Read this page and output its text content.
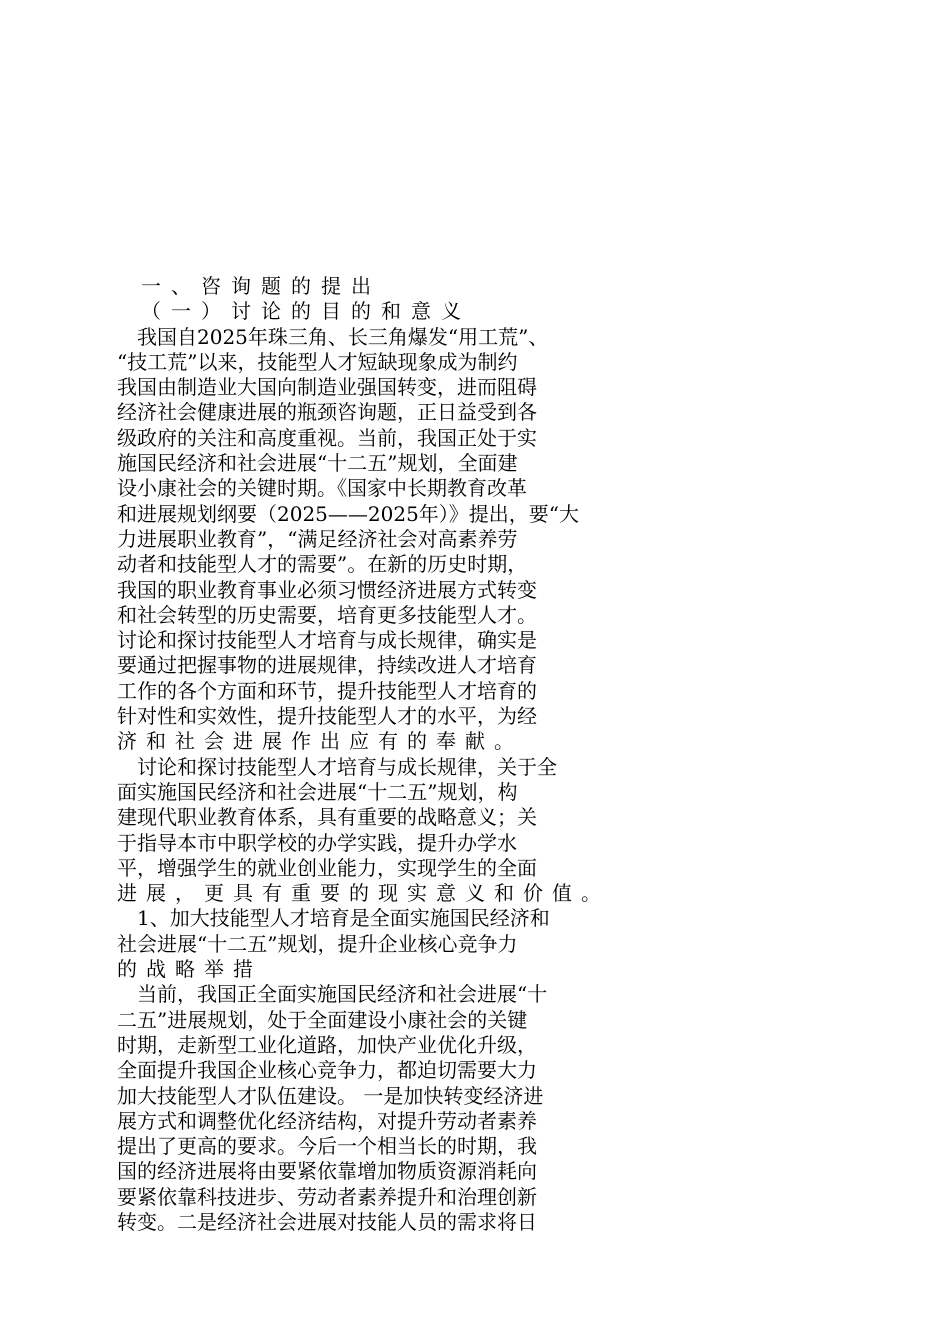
一、咨询题的提出
（一）讨论的目的和意义
我国自2025年珠三角、长三角爆发“用工荒”、
“技工荒”以来，技能型人才短缺现象成为制约
我国由制造业大国向制造业强国转变，进而阻碍
经济社会健康进展的瓶颈咨询题，正日益受到各
级政府的关注和高度重视。当前，我国正处于实
施国民经济和社会进展“十二五”规划，全面建
设小康社会的关键时期。《国家中长期教育改革
和进展规划纲要（2025——2025年）》提出，要“大
力进展职业教育”，“满足经济社会对高素养劳
动者和技能型人才的需要”。在新的历史时期，
我国的职业教育事业必须习惯经济进展方式转变
和社会转型的历史需要，培育更多技能型人才。
讨论和探讨技能型人才培育与成长规律，确实是
要通过把握事物的进展规律，持续改进人才培育
工作的各个方面和环节，提升技能型人才培育的
针对性和实效性，提升技能型人才的水平，为经
济和社会进展作出应有的奉献。
讨论和探讨技能型人才培育与成长规律，关于全
面实施国民经济和社会进展“十二五”规划，构
建现代职业教育体系，具有重要的战略意义；关
于指导本市中职学校的办学实践，提升办学水
平，增强学生的就业创业能力，实现学生的全面
进展，更具有重要的现实意义和价值。
1、加大技能型人才培育是全面实施国民经济和
社会进展“十二五”规划，提升企业核心竞争力
的战略举措
当前，我国正全面实施国民经济和社会进展“十
二五”进展规划，处于全面建设小康社会的关键
时期，走新型工业化道路，加快产业优化升级，
全面提升我国企业核心竞争力，都迫切需要大力
加大技能型人才队伍建设。 一是加快转变经济进
展方式和调整优化经济结构，对提升劳动者素养
提出了更高的要求。今后一个相当长的时期，我
国的经济进展将由要紧依靠增加物质资源消耗向
要紧依靠科技进步、劳动者素养提升和治理创新
转变。二是经济社会进展对技能人员的需求将日
